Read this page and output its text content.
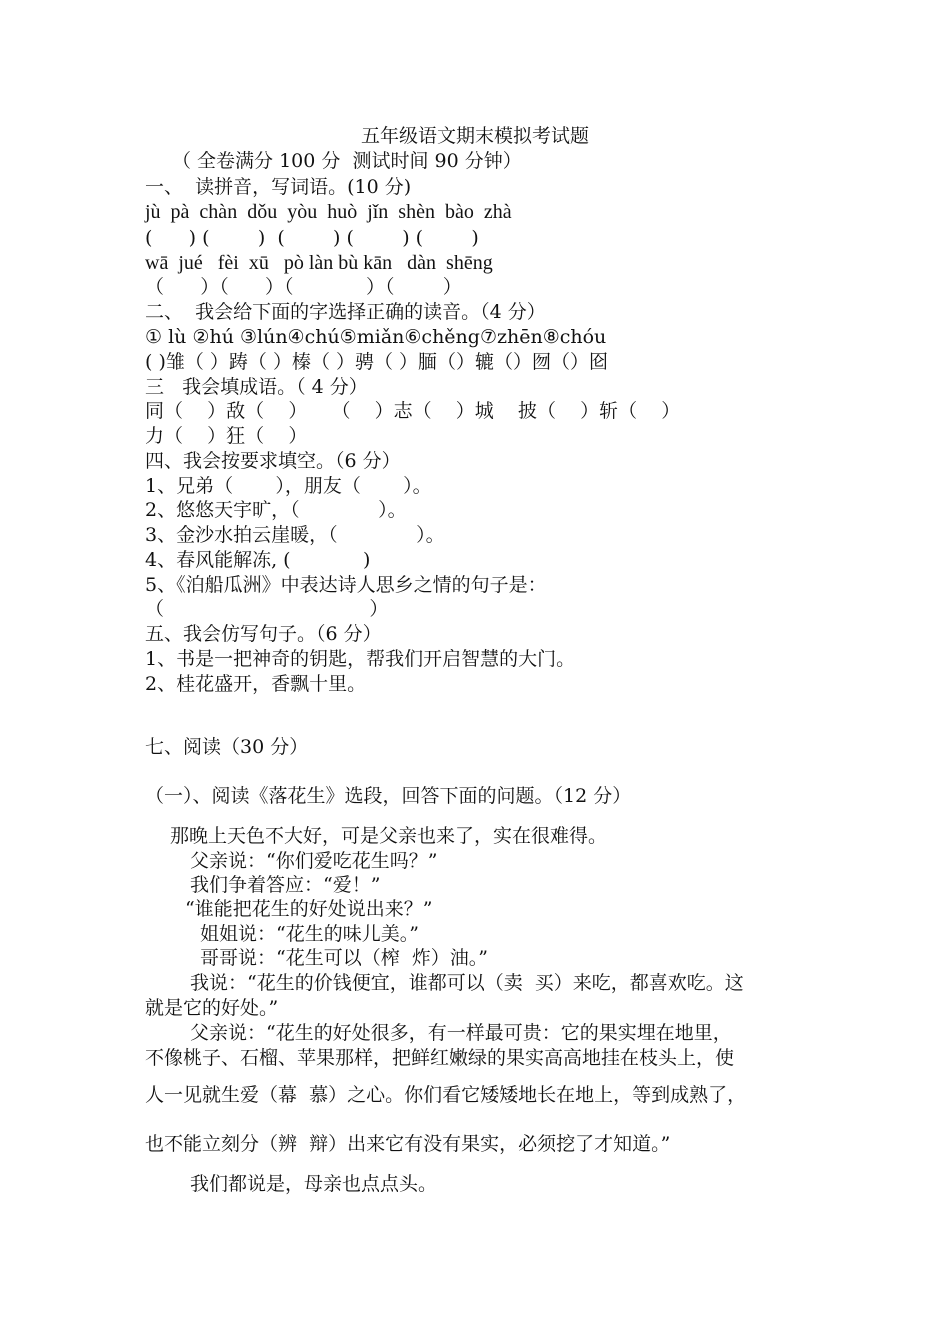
五年级语文期末模拟考试题
（ 全卷满分 100 分  测试时间 90 分钟）
一、  读拼音，写词语。(10 分)
jù  pà  chàn  dǒu  yòu  huò  jǐn  shèn  bào  zhà
(      ) (        )  (        ) (        ) (        )
wā  jué   fèi  xū   pò làn bù kān   dàn  shēng
（      ）（      ）（            ）（        ）
二、  我会给下面的字选择正确的读音。（4 分）
① lù ②hú ③lún④chú⑤miǎn⑥chěng⑦zhēn⑧chóu
( )雏（ ）踌（ ）榛（ ）骋（ ）腼（）辘（）囫（）囵
三   我会填成语。（ 4 分）
同（    ）敌（    ）    （    ）志（    ）城    披（    ）斩（    ）
力（    ）狂（    ）
四、我会按要求填空。（6 分）
1、兄弟（       ），朋友（       ）。
2、悠悠天宇旷，（             ）。
3、金沙水拍云崖暖，（             ）。
4、春风能解冻, (            )
5、《泊船瓜洲》中表达诗人思乡之情的句子是：
（                                  ）
五、我会仿写句子。（6 分）
1、书是一把神奇的钥匙，帮我们开启智慧的大门。
2、桂花盛开，香飘十里。
七、阅读（30 分）
（一）、阅读《落花生》选段，回答下面的问题。（12 分）
那晚上天色不大好，可是父亲也来了，实在很难得。
父亲说：“你们爱吃花生吗？”
我们争着答应：“爱！”
“谁能把花生的好处说出来？”
姐姐说：“花生的味儿美。”
哥哥说：“花生可以（榨  炸）油。”
我说：“花生的价钱便宜，谁都可以（卖  买）来吃，都喜欢吃。这
就是它的好处。”
父亲说：“花生的好处很多，有一样最可贵：它的果实埋在地里，
不像桃子、石榴、苹果那样，把鲜红嫩绿的果实高高地挂在枝头上，使
人一见就生爱（幕  慕）之心。你们看它矮矮地长在地上，等到成熟了，
也不能立刻分（辨  辩）出来它有没有果实，必须挖了才知道。”
我们都说是，母亲也点点头。
